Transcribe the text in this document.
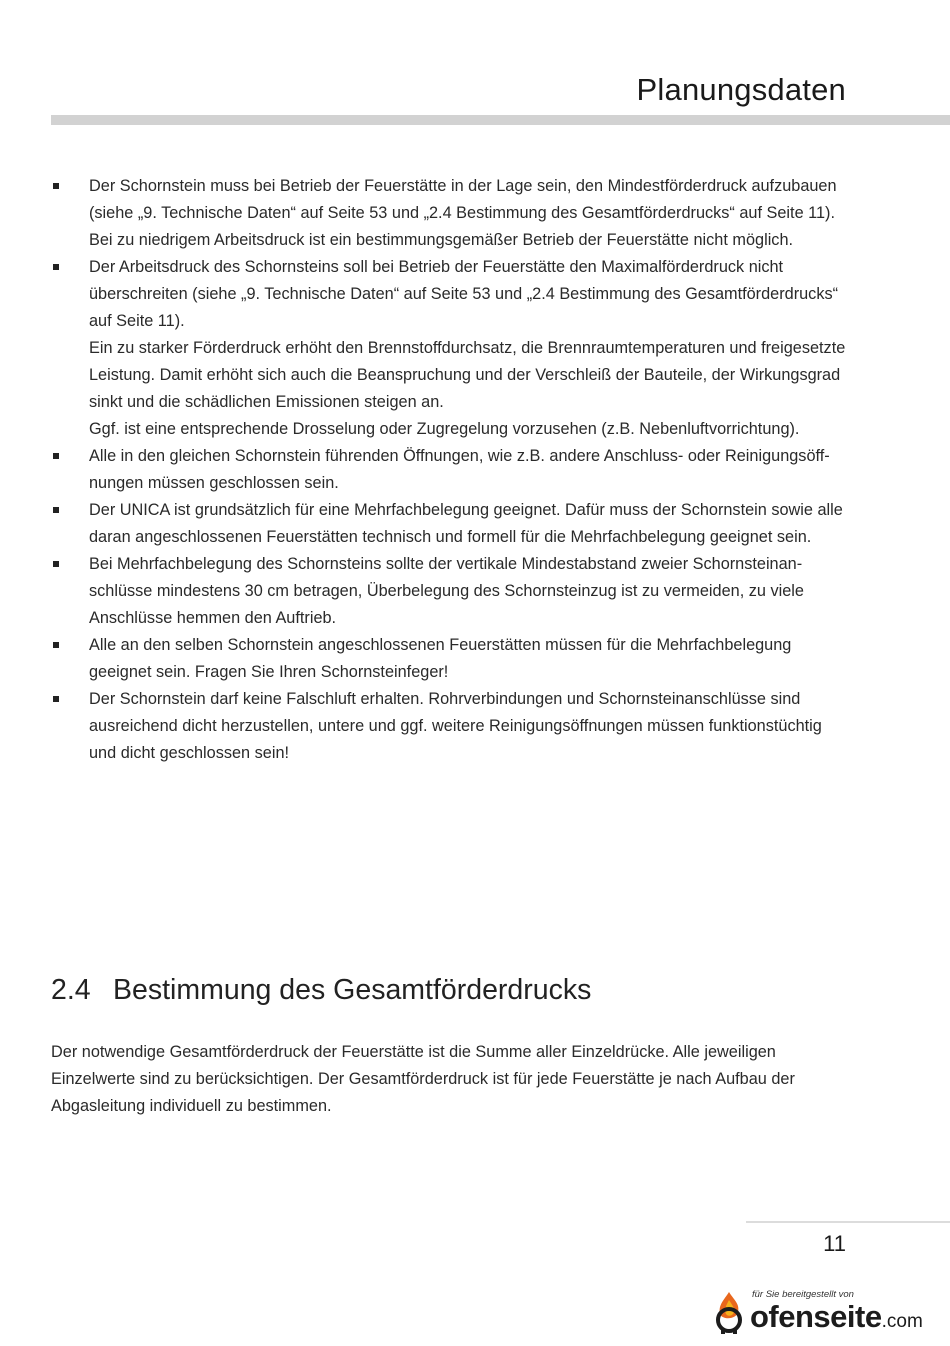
Planungsdaten

Der Schornstein muss bei Betrieb der Feuerstätte in der Lage sein, den Mindestförderdruck aufzubauen (siehe „9. Technische Daten“ auf Seite 53 und „2.4 Bestimmung des Gesamtförderdrucks“ auf Seite 11).

Bei zu niedrigem Arbeitsdruck ist ein bestimmungsgemäßer Betrieb der Feuerstätte nicht möglich.

Der Arbeitsdruck des Schornsteins soll bei Betrieb der Feuerstätte den Maximalförderdruck nicht überschreiten (siehe „9. Technische Daten“ auf Seite 53 und „2.4 Bestimmung des Gesamtförderdrucks“ auf Seite 11).

Ein zu starker Förderdruck erhöht den Brennstoffdurchsatz, die Brennraumtemperaturen und freigesetzte Leistung. Damit erhöht sich auch die Beanspruchung und der Verschleiß der Bauteile, der Wirkungsgrad sinkt und die schädlichen Emissionen steigen an.

Ggf. ist eine entsprechende Drosselung oder Zugregelung vorzusehen (z.B. Nebenluftvorrichtung).

Alle in den gleichen Schornstein führenden Öffnungen, wie z.B. andere Anschluss- oder Reinigungsöffnungen müssen geschlossen sein.

Der UNICA ist grundsätzlich für eine Mehrfachbelegung geeignet. Dafür muss der Schornstein sowie alle daran angeschlossenen Feuerstätten technisch und formell für die Mehrfachbelegung geeignet sein.

Bei Mehrfachbelegung des Schornsteins sollte der vertikale Mindestabstand zweier Schornsteinanschlüsse mindestens 30 cm betragen, Überbelegung des Schornsteinzug ist zu vermeiden, zu viele Anschlüsse hemmen den Auftrieb.

Alle an den selben Schornstein angeschlossenen Feuerstätten müssen für die Mehrfachbelegung geeignet sein. Fragen Sie Ihren Schornsteinfeger!

Der Schornstein darf keine Falschluft erhalten. Rohrverbindungen und Schornsteinanschlüsse sind ausreichend dicht herzustellen, untere und ggf. weitere Reinigungsöffnungen müssen funktionstüchtig und dicht geschlossen sein!

2.4 Bestimmung des Gesamtförderdrucks

Der notwendige Gesamtförderdruck der Feuerstätte ist die Summe aller Einzeldrücke. Alle jeweiligen Einzelwerte sind zu berücksichtigen. Der Gesamtförderdruck ist für jede Feuerstätte je nach Aufbau der Abgasleitung individuell zu bestimmen.

11
für Sie bereitgestellt von
ofenseite.com
